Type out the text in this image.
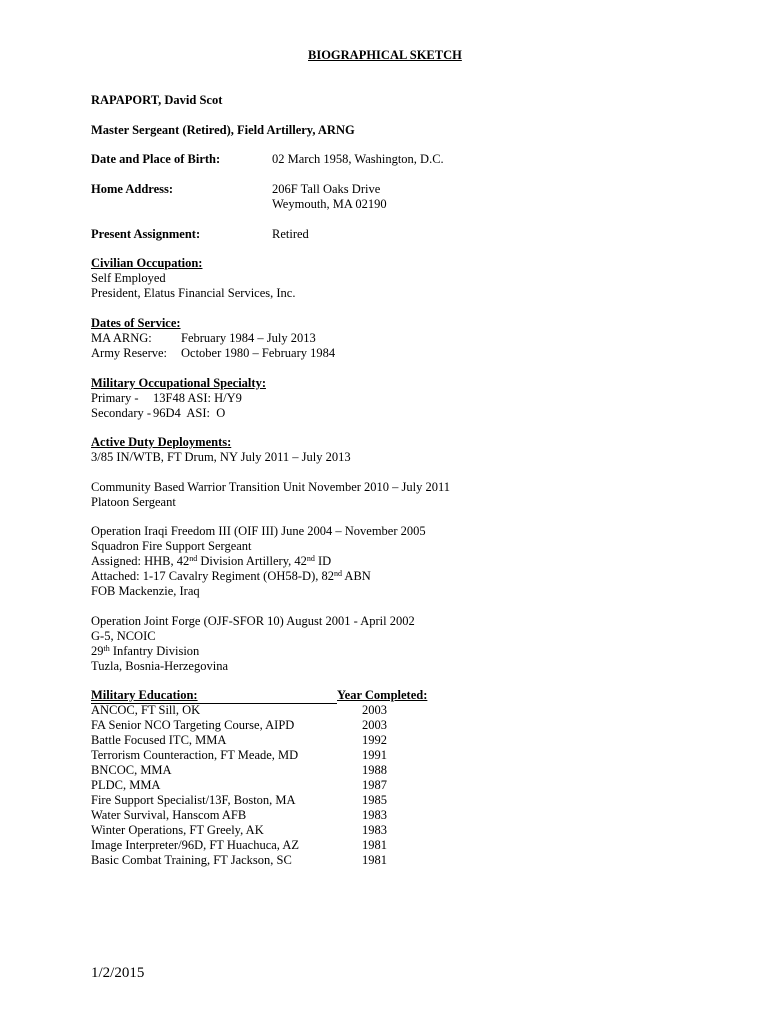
BIOGRAPHICAL SKETCH
RAPAPORT, David Scot
Master Sergeant (Retired), Field Artillery, ARNG
Date and Place of Birth:	02 March 1958, Washington, D.C.
Home Address:	206F Tall Oaks Drive
Weymouth, MA 02190
Present Assignment:	Retired
Civilian Occupation:
Self Employed
President, Elatus Financial Services, Inc.
Dates of Service:
MA ARNG:	February 1984 – July 2013
Army Reserve:	October 1980 – February 1984
Military Occupational Specialty:
Primary - 13F48 ASI: H/Y9
Secondary - 96D4  ASI:  O
Active Duty Deployments:
3/85 IN/WTB, FT Drum, NY July 2011 – July 2013
Community Based Warrior Transition Unit November 2010 – July 2011
Platoon Sergeant
Operation Iraqi Freedom III (OIF III) June 2004 – November 2005
Squadron Fire Support Sergeant
Assigned: HHB, 42nd Division Artillery, 42nd ID
Attached: 1-17 Cavalry Regiment (OH58-D), 82nd ABN
FOB Mackenzie, Iraq
Operation Joint Forge (OJF-SFOR 10) August 2001 - April 2002
G-5, NCOIC
29th Infantry Division
Tuzla, Bosnia-Herzegovina
Military Education:	Year Completed:
ANCOC, FT Sill, OK	2003
FA Senior NCO Targeting Course, AIPD	2003
Battle Focused ITC, MMA	1992
Terrorism Counteraction, FT Meade, MD	1991
BNCOC, MMA	1988
PLDC, MMA	1987
Fire Support Specialist/13F, Boston, MA	1985
Water Survival, Hanscom AFB	1983
Winter Operations, FT Greely, AK	1983
Image Interpreter/96D, FT Huachuca, AZ	1981
Basic Combat Training, FT Jackson, SC	1981
1/2/2015
